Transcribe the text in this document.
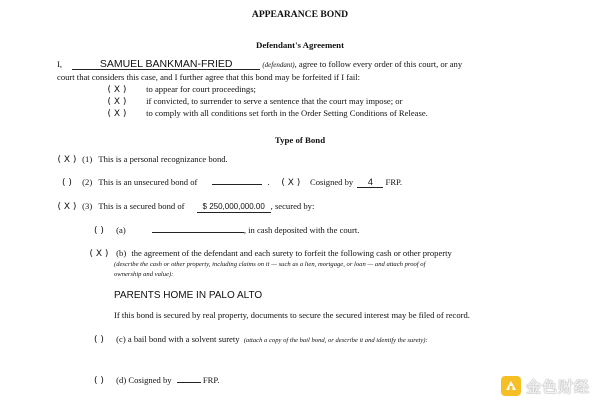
APPEARANCE BOND
Defendant's Agreement
I,	SAMUEL BANKMAN-FRIED	(defendant), agree to follow every order of this court, or any
court that considers this case, and I further agree that this bond may be forfeited if I fail:
( X ) to appear for court proceedings;
( X ) if convicted, to surrender to serve a sentence that the court may impose; or
( X ) to comply with all conditions set forth in the Order Setting Conditions of Release.
Type of Bond
( X ) (1) This is a personal recognizance bond.
( ) (2) This is an unsecured bond of	. ( X ) Cosigned by 4 FRP.
( X ) (3) This is a secured bond of $ 250,000,000.00 , secured by:
( ) (a)	, in cash deposited with the court.
( X ) (b) the agreement of the defendant and each surety to forfeit the following cash or other property
(describe the cash or other property, including claims on it — such as a lien, mortgage, or loan — and attach proof of
ownership and value):
PARENTS HOME IN PALO ALTO
If this bond is secured by real property, documents to secure the secured interest may be filed of record.
( ) (c) a bail bond with a solvent surety (attach a copy of the bail bond, or describe it and identify the surety):
( ) (d) Cosigned by	FRP.	金色财经
